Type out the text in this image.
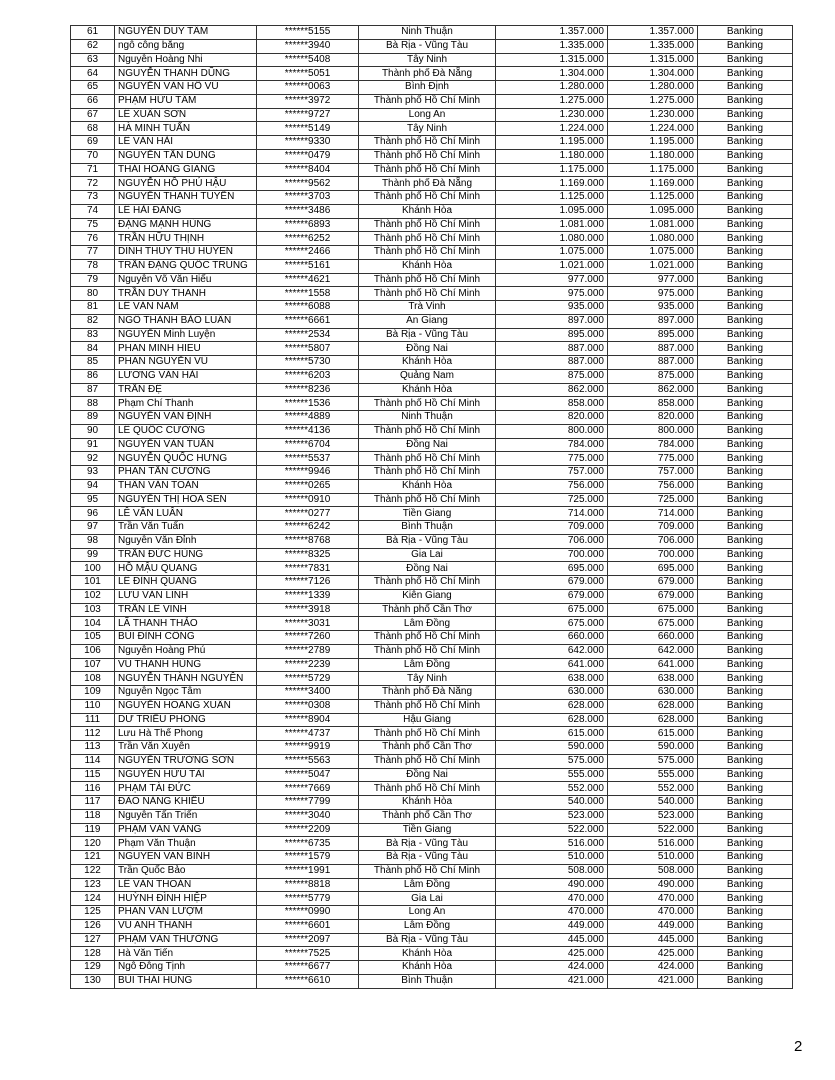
61	NGUYỄN DUY TÂM	******5155	Ninh Thuận	1.357.000	1.357.000	Banking
62	ngô công bằng	******3940	Bà Rịa - Vũng Tàu	1.335.000	1.335.000	Banking
63	Nguyễn Hoàng Nhi	******5408	Tây Ninh	1.315.000	1.315.000	Banking
64	NGUYỄN THANH DŨNG	******5051	Thành phố Đà Nẵng	1.304.000	1.304.000	Banking
65	NGUYỄN VĂN HỒ VŨ	******0063	Bình Định	1.280.000	1.280.000	Banking
66	PHẠM HỮU TÂM	******3972	Thành phố Hồ Chí Minh	1.275.000	1.275.000	Banking
67	LÊ XUÂN SƠN	******9727	Long An	1.230.000	1.230.000	Banking
68	HÀ MINH TUẤN	******5149	Tây Ninh	1.224.000	1.224.000	Banking
69	LÊ VĂN HẢI	******9330	Thành phố Hồ Chí Minh	1.195.000	1.195.000	Banking
70	NGUYỄN TẤN DŨNG	******0479	Thành phố Hồ Chí Minh	1.180.000	1.180.000	Banking
71	THÁI HOÀNG GIANG	******8404	Thành phố Hồ Chí Minh	1.175.000	1.175.000	Banking
72	NGUYỄN HỒ PHÚ HẬU	******9562	Thành phố Đà Nẵng	1.169.000	1.169.000	Banking
73	NGUYỄN THANH TUYỀN	******3703	Thành phố Hồ Chí Minh	1.125.000	1.125.000	Banking
74	LÊ HẢI ĐĂNG	******3486	Khánh Hòa	1.095.000	1.095.000	Banking
75	ĐẶNG MẠNH HÙNG	******6893	Thành phố Hồ Chí Minh	1.081.000	1.081.000	Banking
76	TRẦN HỮU THỊNH	******6252	Thành phố Hồ Chí Minh	1.080.000	1.080.000	Banking
77	DINH THUY THU HUYEN	******2466	Thành phố Hồ Chí Minh	1.075.000	1.075.000	Banking
78	TRẦN ĐẶNG QUỐC TRUNG	******5161	Khánh Hòa	1.021.000	1.021.000	Banking
79	Nguyễn Võ Văn Hiếu	******4621	Thành phố Hồ Chí Minh	977.000	977.000	Banking
80	TRẦN DUY THANH	******1558	Thành phố Hồ Chí Minh	975.000	975.000	Banking
81	LÊ VĂN NAM	******6088	Trà Vinh	935.000	935.000	Banking
82	NGÔ THÀNH BẢO LUÂN	******6661	An Giang	897.000	897.000	Banking
83	NGUYỄN Minh Luyện	******2534	Bà Rịa - Vũng Tàu	895.000	895.000	Banking
84	PHAN MINH HIEU	******5807	Đồng Nai	887.000	887.000	Banking
85	PHAN NGUYỄN VŨ	******5730	Khánh Hòa	887.000	887.000	Banking
86	LƯƠNG VĂN HẢI	******6203	Quảng Nam	875.000	875.000	Banking
87	TRẦN ĐỆ	******8236	Khánh Hòa	862.000	862.000	Banking
88	Phạm Chí Thanh	******1536	Thành phố Hồ Chí Minh	858.000	858.000	Banking
89	NGUYỄN VĂN ĐỊNH	******4889	Ninh Thuận	820.000	820.000	Banking
90	LÊ QUỐC CƯỜNG	******4136	Thành phố Hồ Chí Minh	800.000	800.000	Banking
91	NGUYỄN VĂN TUẤN	******6704	Đồng Nai	784.000	784.000	Banking
92	NGUYỄN QUỐC HƯNG	******5537	Thành phố Hồ Chí Minh	775.000	775.000	Banking
93	PHAN TẤN CƯỜNG	******9946	Thành phố Hồ Chí Minh	757.000	757.000	Banking
94	THÂN VĂN TOÀN	******0265	Khánh Hòa	756.000	756.000	Banking
95	NGUYỄN THỊ HOA SEN	******0910	Thành phố Hồ Chí Minh	725.000	725.000	Banking
96	LÊ VĂN LUÂN	******0277	Tiền Giang	714.000	714.000	Banking
97	Trần Văn Tuấn	******6242	Bình Thuận	709.000	709.000	Banking
98	Nguyễn Văn Đỉnh	******8768	Bà Rịa - Vũng Tàu	706.000	706.000	Banking
99	TRẦN ĐỨC HÙNG	******8325	Gia Lai	700.000	700.000	Banking
100	HỒ MẬU QUANG	******7831	Đồng Nai	695.000	695.000	Banking
101	LÊ ĐÌNH QUANG	******7126	Thành phố Hồ Chí Minh	679.000	679.000	Banking
102	LƯU VĂN LINH	******1339	Kiên Giang	679.000	679.000	Banking
103	TRẦN LÊ VINH	******3918	Thành phố Cần Thơ	675.000	675.000	Banking
104	LÃ THANH THẢO	******3031	Lâm Đồng	675.000	675.000	Banking
105	BÙI ĐÌNH CÔNG	******7260	Thành phố Hồ Chí Minh	660.000	660.000	Banking
106	Nguyễn Hoàng Phú	******2789	Thành phố Hồ Chí Minh	642.000	642.000	Banking
107	VŨ THANH HÙNG	******2239	Lâm Đồng	641.000	641.000	Banking
108	NGUYỄN THÀNH NGUYÊN	******5729	Tây Ninh	638.000	638.000	Banking
109	Nguyễn Ngọc Tâm	******3400	Thành phố Đà Nẵng	630.000	630.000	Banking
110	NGUYỄN HOÀNG XUÂN	******0308	Thành phố Hồ Chí Minh	628.000	628.000	Banking
111	DƯ TRIỀU PHONG	******8904	Hậu Giang	628.000	628.000	Banking
112	Lưu Hà Thế Phong	******4737	Thành phố Hồ Chí Minh	615.000	615.000	Banking
113	Trần Văn Xuyên	******9919	Thành phố Cần Thơ	590.000	590.000	Banking
114	NGUYỄN TRƯỜNG SƠN	******5563	Thành phố Hồ Chí Minh	575.000	575.000	Banking
115	NGUYỄN HỮU TÀI	******5047	Đồng Nai	555.000	555.000	Banking
116	PHẠM TÀI ĐỨC	******7669	Thành phố Hồ Chí Minh	552.000	552.000	Banking
117	ĐÀO NĂNG KHIẾU	******7799	Khánh Hòa	540.000	540.000	Banking
118	Nguyễn Tấn Triển	******3040	Thành phố Cần Thơ	523.000	523.000	Banking
119	PHẠM VĂN VÀNG	******2209	Tiền Giang	522.000	522.000	Banking
120	Phạm Văn Thuận	******6735	Bà Rịa - Vũng Tàu	516.000	516.000	Banking
121	NGUYEN VAN BINH	******1579	Bà Rịa - Vũng Tàu	510.000	510.000	Banking
122	Trần Quốc Bảo	******1991	Thành phố Hồ Chí Minh	508.000	508.000	Banking
123	LÊ VĂN THOÁN	******8818	Lâm Đồng	490.000	490.000	Banking
124	HUỲNH ĐÌNH HIỆP	******5779	Gia Lai	470.000	470.000	Banking
125	PHAN VĂN LƯỢM	******0990	Long An	470.000	470.000	Banking
126	VŨ ANH THANH	******6601	Lâm Đồng	449.000	449.000	Banking
127	PHẠM VĂN THƯỜNG	******2097	Bà Rịa - Vũng Tàu	445.000	445.000	Banking
128	Hà Văn Tiến	******7525	Khánh Hòa	425.000	425.000	Banking
129	Ngô Đông Tịnh	******6677	Khánh Hòa	424.000	424.000	Banking
130	BÙI THÁI HÙNG	******6610	Bình Thuận	421.000	421.000	Banking
2
